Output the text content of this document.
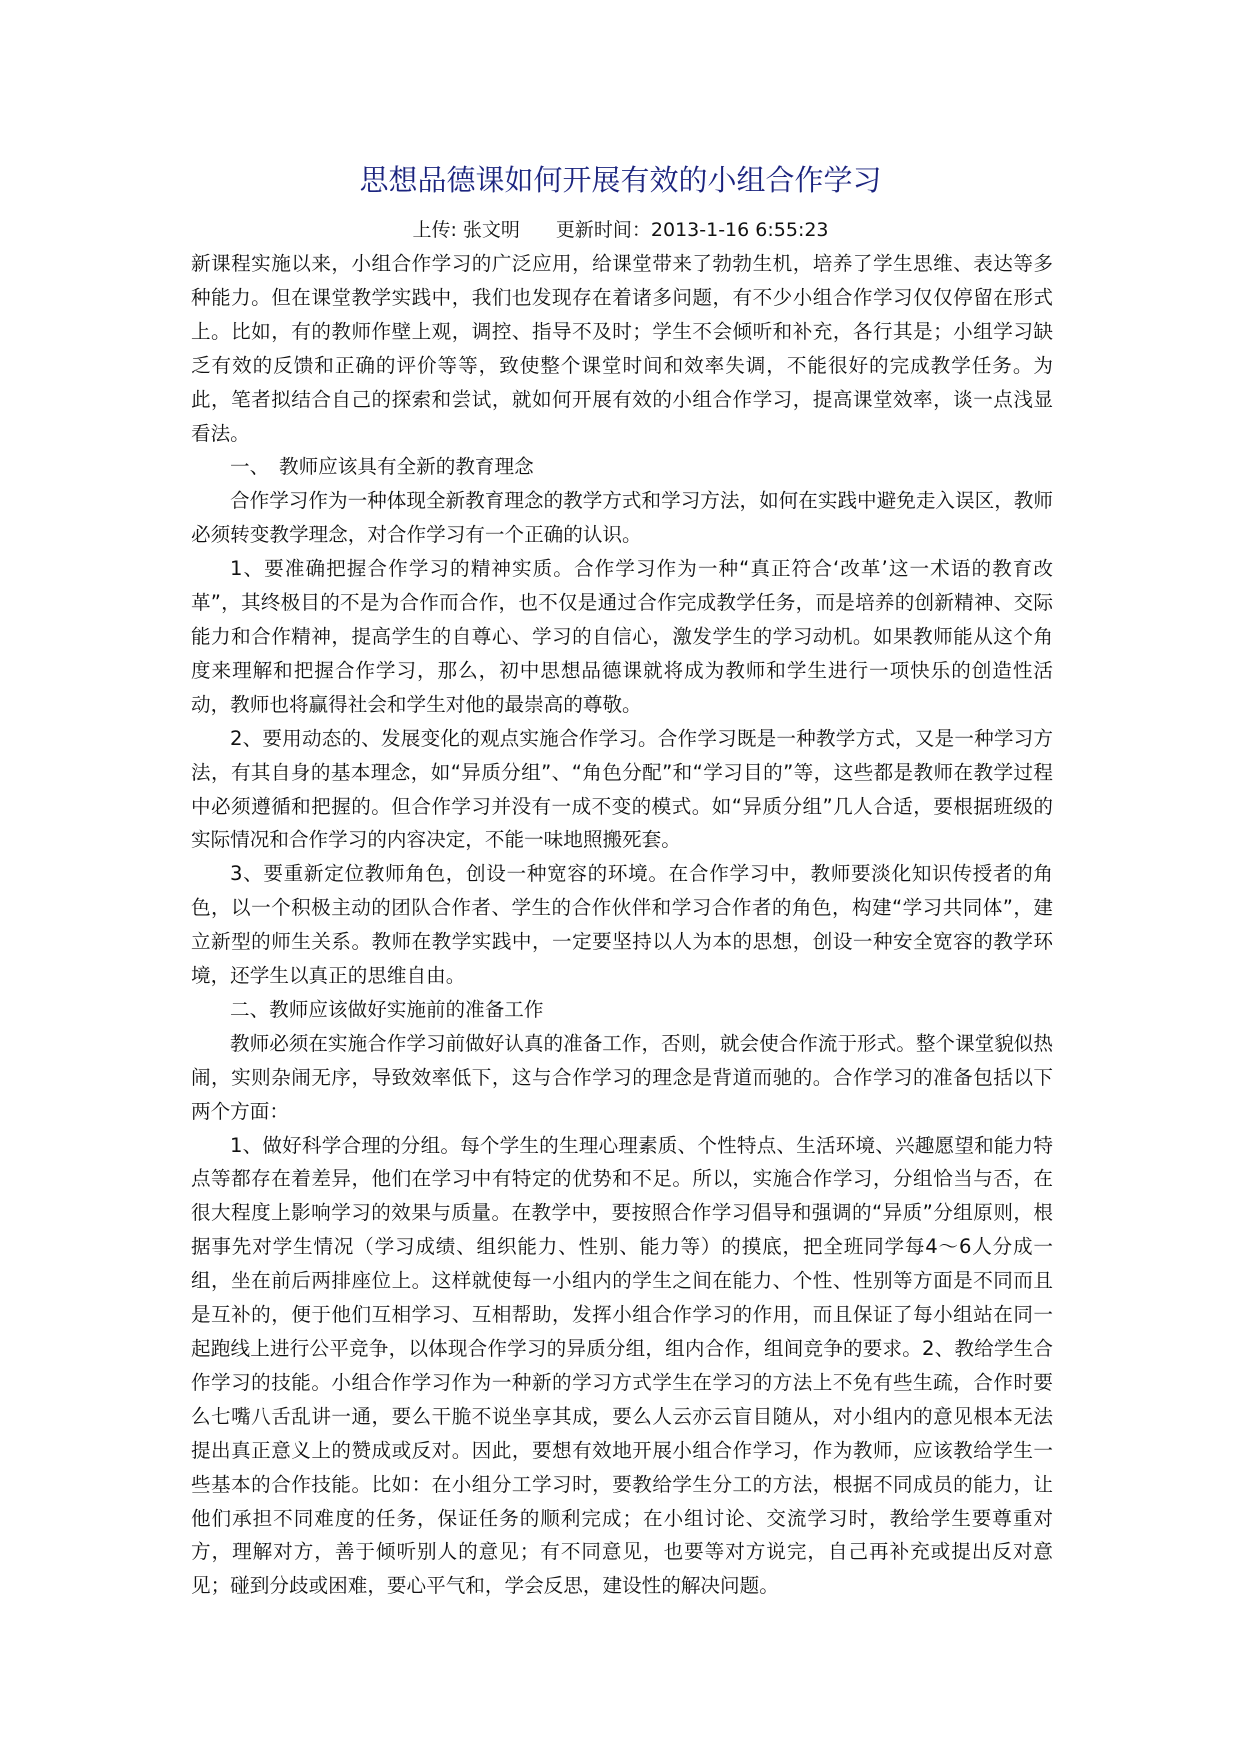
思想品德课如何开展有效的小组合作学习
上传: 张文明 更新时间：2013-1-16 6:55:23

新课程实施以来，小组合作学习的广泛应用，给课堂带来了勃勃生机，培养了学生思维、表达等多种能力。但在课堂教学实践中，我们也发现存在着诸多问题，有不少小组合作学习仅仅停留在形式上。比如，有的教师作壁上观，调控、指导不及时；学生不会倾听和补充，各行其是；小组学习缺乏有效的反馈和正确的评价等等，致使整个课堂时间和效率失调，不能很好的完成教学任务。为此，笔者拟结合自己的探索和尝试，就如何开展有效的小组合作学习，提高课堂效率，谈一点浅显看法。

一、　教师应该具有全新的教育理念

合作学习作为一种体现全新教育理念的教学方式和学习方法，如何在实践中避免走入误区，教师必须转变教学理念，对合作学习有一个正确的认识。

1、要准确把握合作学习的精神实质。合作学习作为一种“真正符合‘改革’这一术语的教育改革”，其终极目的不是为合作而合作，也不仅是通过合作完成教学任务，而是培养的创新精神、交际能力和合作精神，提高学生的自尊心、学习的自信心，激发学生的学习动机。如果教师能从这个角度来理解和把握合作学习，那么，初中思想品德课就将成为教师和学生进行一项快乐的创造性活动，教师也将赢得社会和学生对他的最崇高的尊敬。

2、要用动态的、发展变化的观点实施合作学习。合作学习既是一种教学方式，又是一种学习方法，有其自身的基本理念，如“异质分组”、“角色分配”和“学习目的”等，这些都是教师在教学过程中必须遵循和把握的。但合作学习并没有一成不变的模式。如“异质分组”几人合适，要根据班级的实际情况和合作学习的内容决定，不能一味地照搬死套。

3、要重新定位教师角色，创设一种宽容的环境。在合作学习中，教师要淡化知识传授者的角色，以一个积极主动的团队合作者、学生的合作伙伴和学习合作者的角色，构建“学习共同体”，建立新型的师生关系。教师在教学实践中，一定要坚持以人为本的思想，创设一种安全宽容的教学环境，还学生以真正的思维自由。

二、教师应该做好实施前的准备工作

教师必须在实施合作学习前做好认真的准备工作，否则，就会使合作流于形式。整个课堂貌似热闹，实则杂闹无序，导致效率低下，这与合作学习的理念是背道而驰的。合作学习的准备包括以下两个方面：

1、做好科学合理的分组。每个学生的生理心理素质、个性特点、生活环境、兴趣愿望和能力特点等都存在着差异，他们在学习中有特定的优势和不足。所以，实施合作学习，分组恰当与否，在很大程度上影响学习的效果与质量。在教学中，要按照合作学习倡导和强调的“异质”分组原则，根据事先对学生情况（学习成绩、组织能力、性别、能力等）的摸底，把全班同学每4～6人分成一组，坐在前后两排座位上。这样就使每一小组内的学生之间在能力、个性、性别等方面是不同而且是互补的，便于他们互相学习、互相帮助，发挥小组合作学习的作用，而且保证了每小组站在同一起跑线上进行公平竞争，以体现合作学习的异质分组，组内合作，组间竞争的要求。2、教给学生合作学习的技能。小组合作学习作为一种新的学习方式学生在学习的方法上不免有些生疏，合作时要么七嘴八舌乱讲一通，要么干脆不说坐享其成，要么人云亦云盲目随从，对小组内的意见根本无法提出真正意义上的赞成或反对。因此，要想有效地开展小组合作学习，作为教师，应该教给学生一些基本的合作技能。比如：在小组分工学习时，要教给学生分工的方法，根据不同成员的能力，让他们承担不同难度的任务，保证任务的顺利完成；在小组讨论、交流学习时，教给学生要尊重对方，理解对方，善于倾听别人的意见；有不同意见，也要等对方说完，自己再补充或提出反对意见；碰到分歧或困难，要心平气和，学会反思，建设性的解决问题。
